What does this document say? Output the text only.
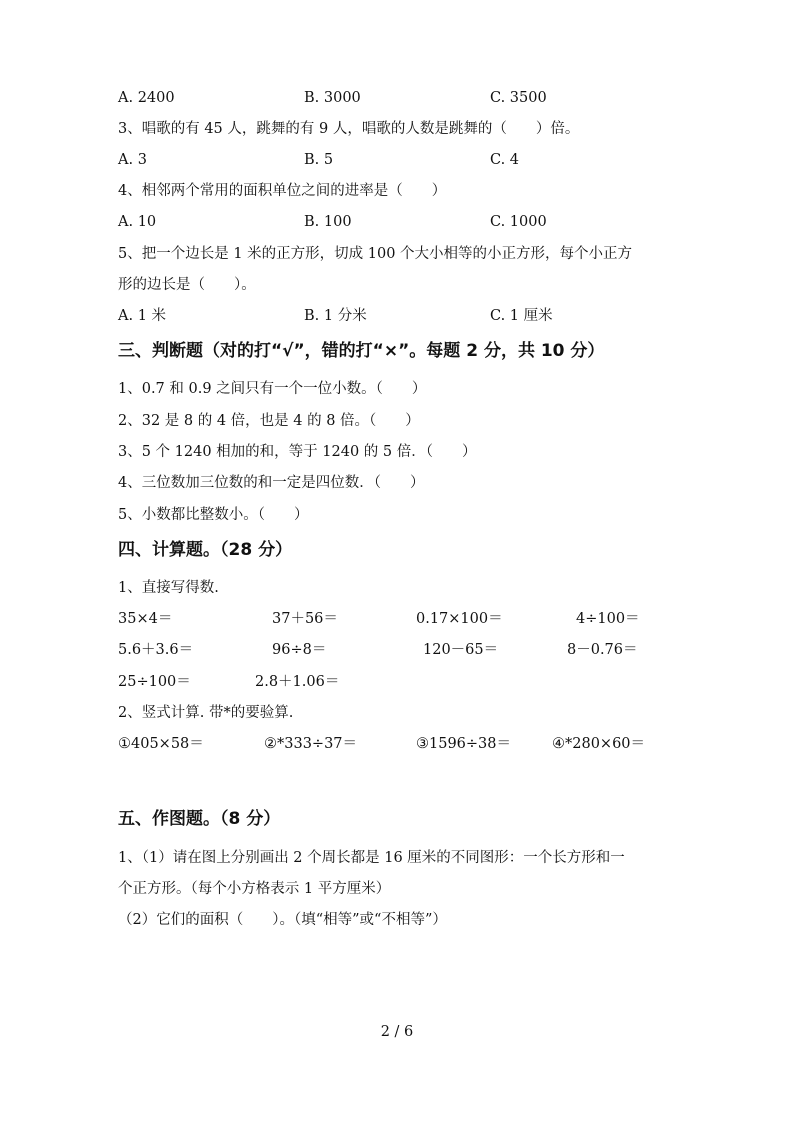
A. 2400	B. 3000	C. 3500
3、唱歌的有 45 人，跳舞的有 9 人，唱歌的人数是跳舞的（　　）倍。
A. 3	B. 5	C. 4
4、相邻两个常用的面积单位之间的进率是（　　）
A. 10	B. 100	C. 1000
5、把一个边长是 1 米的正方形，切成 100 个大小相等的小正方形，每个小正方
形的边长是（　　）。
A. 1 米	B. 1 分米	C. 1 厘米
三、判断题（对的打“√”，错的打“×”。每题 2 分，共 10 分）
1、0.7 和 0.9 之间只有一个一位小数。（　　）
2、32 是 8 的 4 倍，也是 4 的 8 倍。（　　）
3、5 个 1240 相加的和，等于 1240 的 5 倍．（　　）
4、三位数加三位数的和一定是四位数．（　　）
5、小数都比整数小。（　　）
四、计算题。（28 分）
1、直接写得数.
35×4＝	37＋56＝	0.17×100＝	4÷100＝
5.6＋3.6＝	96÷8＝	120－65＝	8－0.76＝
25÷100＝	2.8＋1.06＝
2、竖式计算. 带*的要验算.
①405×58＝	②*333÷37＝	③1596÷38＝	④*280×60＝
五、作图题。（8 分）
1、（1）请在图上分别画出 2 个周长都是 16 厘米的不同图形：一个长方形和一
个正方形。（每个小方格表示 1 平方厘米）
（2）它们的面积（　　）。（填“相等”或“不相等”）
2 / 6
